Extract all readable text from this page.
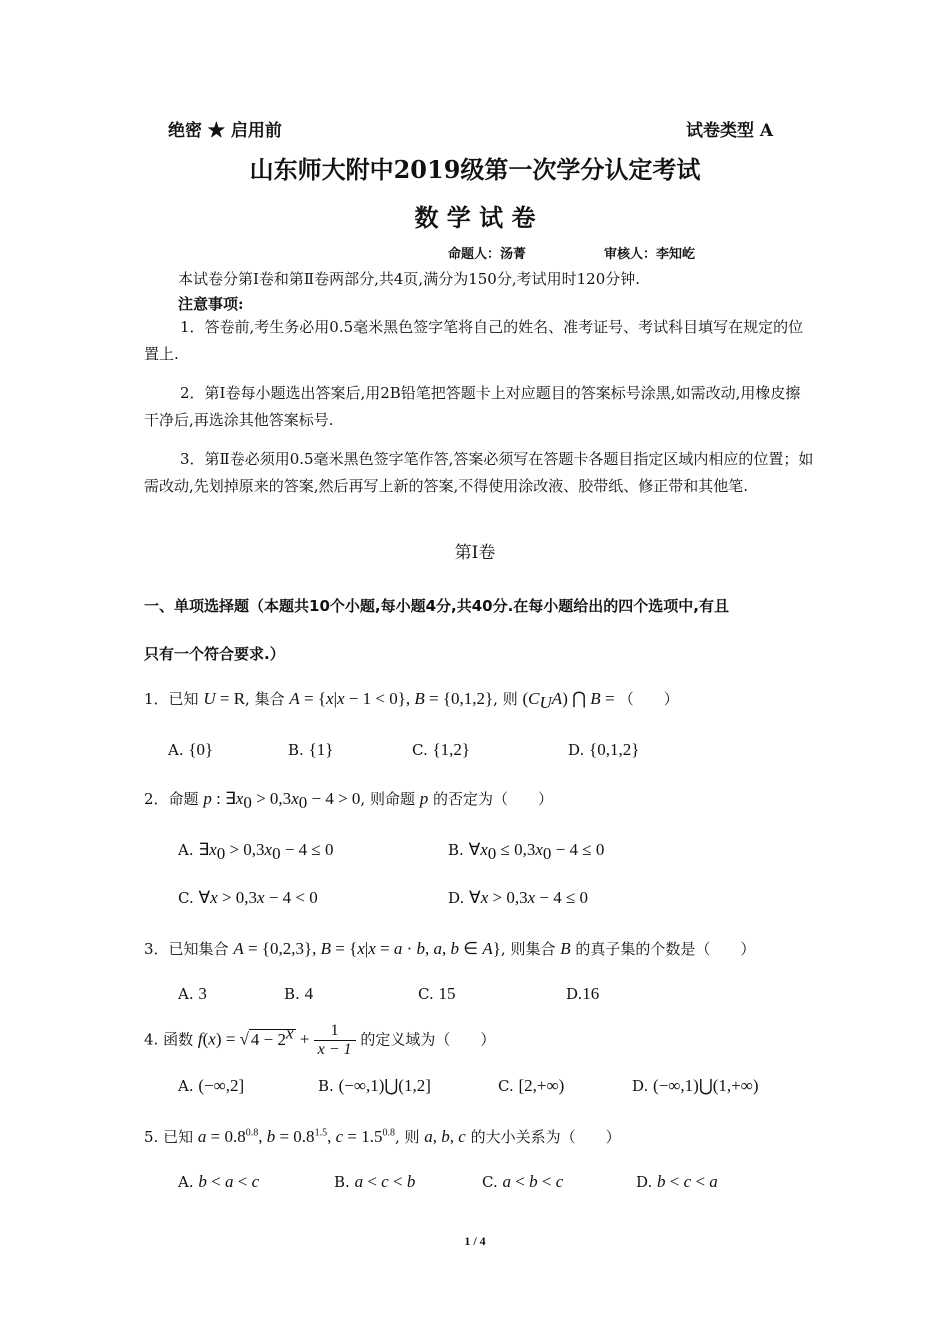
绝密 ★ 启用前	试卷类型 A
山东师大附中2019级第一次学分认定考试
数 学 试 卷
命题人：汤菁	审核人：李知屹
本试卷分第Ⅰ卷和第Ⅱ卷两部分,共4页,满分为150分,考试用时120分钟.
注意事项:
1．答卷前,考生务必用0.5毫米黑色签字笔将自己的姓名、准考证号、考试科目填写在规定的位置上.
2．第Ⅰ卷每小题选出答案后,用2B铅笔把答题卡上对应题目的答案标号涂黑,如需改动,用橡皮擦干净后,再选涂其他答案标号.
3．第Ⅱ卷必须用0.5毫米黑色签字笔作答,答案必须写在答题卡各题目指定区域内相应的位置；如需改动,先划掉原来的答案,然后再写上新的答案,不得使用涂改液、胶带纸、修正带和其他笔.
第Ⅰ卷
一、单项选择题（本题共10个小题,每小题4分,共40分.在每小题给出的四个选项中,有且
只有一个符合要求.）
1．已知 U = R, 集合 A = {x|x − 1 < 0}, B = {0,1,2}, 则 $(C_UA)$ ⋂ B = （　　）
A. {0}	B. {1}	C. {1,2}	D. {0,1,2}
2．命题 p : $\exists x_0 > 0,3x_0 - 4 > 0$, 则命题 p 的否定为（　　）
A. $\exists x_0 > 0,3x_0 - 4 \le 0$	B. $\forall x_0 \le 0,3x_0 - 4 \le 0$
C. ∀x > 0,3x − 4 < 0	D. ∀x > 0,3x − 4 ≤ 0
3．已知集合 A = {0,2,3}, B = {x|x = a · b, a, b ∈ A}, 则集合 B 的真子集的个数是（　　）
A. 3	B. 4	C. 15	D.16
4. 函数 f(x) = √ $4 - 2^x + \frac{1}{x - 1}$ 的定义域为（　　）
A. (−∞,2]	B. (−∞,1)⋃(1,2]	C. [2,+∞)	D. (−∞,1)⋃(1,+∞)
5. 已知 $a = 0.8^{0.8}$, $b = 0.8^{1.5}$, $c = 1.5^{0.8}$, 则 a, b, c 的大小关系为（　　）
A. b < a < c	B. a < c < b	C. a < b < c	D. b < c < a
1 / 4
